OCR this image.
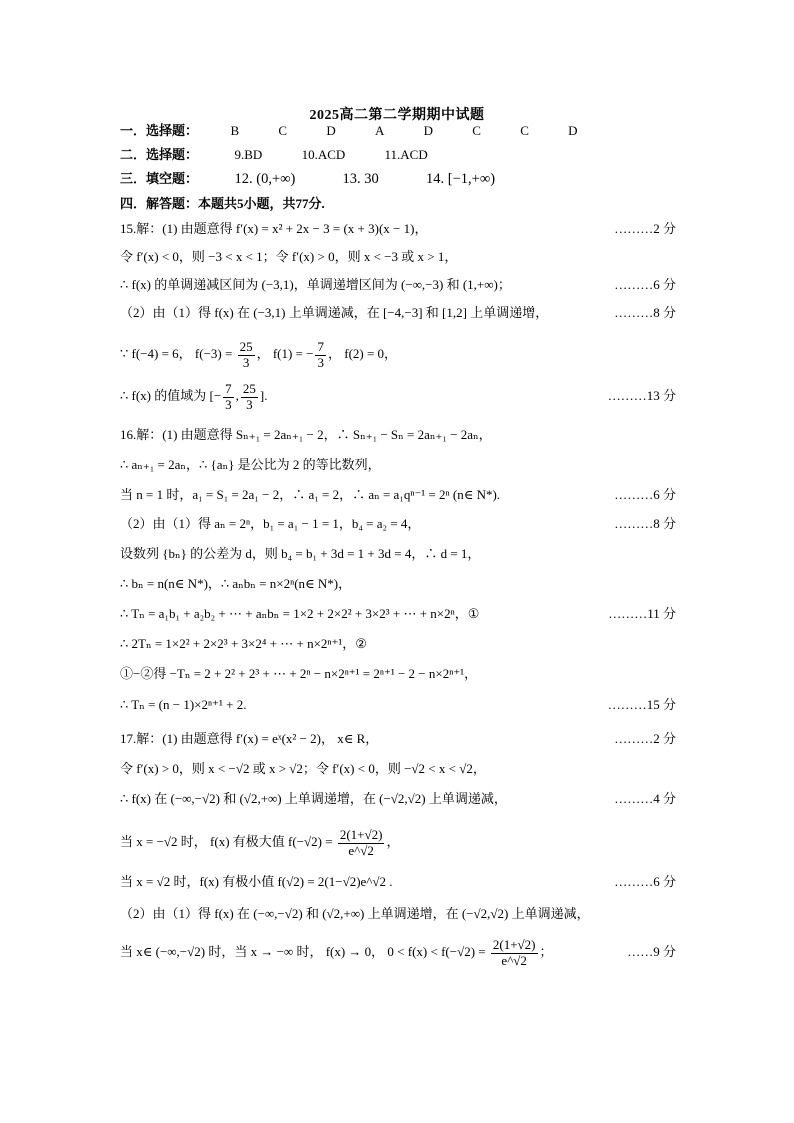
2025高二第二学期期中试题
一．选择题： B	C	D	A	D	C	C	D
二．选择题：	9.BD	10.ACD	11.ACD
三．填空题：	12. (0,+∞)	13. 30	14. [−1,+∞)
四．解答题：本题共5小题，共77分.
15.解：(1) 由题意得 f′(x) = x² + 2x − 3 = (x + 3)(x − 1)，	………2 分
令 f′(x) < 0，则 −3 < x < 1；令 f′(x) > 0，则 x < −3 或 x > 1，
∴ f(x) 的单调递减区间为 (−3,1)，单调递增区间为 (−∞,−3) 和 (1,+∞)；	………6 分
（2）由（1）得 f(x) 在 (−3,1) 上单调递减，在 [−4,−3] 和 [1,2] 上单调递增，	………8 分
∵ f(−4) = 6， $f(-3) = \frac{25}{3}$ ， f(1) = − $\frac{7}{3}$ ， f(2) = 0，
∴ f(x) 的值域为 [− $\frac{7}{3}$ , $\frac{25}{3}$ ].	………13 分
16.解：(1) 由题意得 Sₙ₊₁ = 2aₙ₊₁ − 2，∴ Sₙ₊₁ − Sₙ = 2aₙ₊₁ − 2aₙ，
∴ aₙ₊₁ = 2aₙ，∴ {aₙ} 是公比为 2 的等比数列，
当 n = 1 时，a₁ = S₁ = 2a₁ − 2，∴ a₁ = 2，∴ aₙ = a₁qⁿ⁻¹ = 2ⁿ (n∈ N*).	………6 分
（2）由（1）得 aₙ = 2ⁿ，b₁ = a₁ − 1 = 1，b₄ = a₂ = 4，	………8 分
设数列 {bₙ} 的公差为 d，则 b₄ = b₁ + 3d = 1 + 3d = 4，∴ d = 1，
∴ bₙ = n(n∈ N*)，∴ aₙbₙ = n×2ⁿ(n∈ N*)，
∴ Tₙ = a₁b₁ + a₂b₂ + ⋯ + aₙbₙ = 1×2 + 2×2² + 3×2³ + ⋯ + n×2ⁿ，①	………11 分
∴ 2Tₙ = 1×2² + 2×2³ + 3×2⁴ + ⋯ + n×2ⁿ⁺¹，②
①−②得 −Tₙ = 2 + 2² + 2³ + ⋯ + 2ⁿ − n×2ⁿ⁺¹ = 2ⁿ⁺¹ − 2 − n×2ⁿ⁺¹，
∴ Tₙ = (n − 1)×2ⁿ⁺¹ + 2.	………15 分
17.解：(1) 由题意得 f′(x) = eˣ(x² − 2)， x∈ R，	………2 分
令 f′(x) > 0，则 x < −√2 或 x > √2；令 f′(x) < 0，则 −√2 < x < √2，
∴ f(x) 在 (−∞,−√2) 和 (√2,+∞) 上单调递增，在 (−√2,√2) 上单调递减，	………4 分
当 x = −√2 时， f(x) 有极大值 $f(-√2) = \frac{2(1+√2)}{e\^{}√2}$ ，
当 x = √2 时，f(x) 有极小值 f(√2) = 2(1−√2)e^√2 .	………6 分
（2）由（1）得 f(x) 在 (−∞,−√2) 和 (√2,+∞) 上单调递增，在 (−√2,√2) 上单调递减，
当 x∈ (−∞,−√2) 时，当 x → −∞ 时， f(x) → 0， $0 < f(x) < f(-√2) = \frac{2(1+√2)}{e\^{}√2}$ ；	……9 分
